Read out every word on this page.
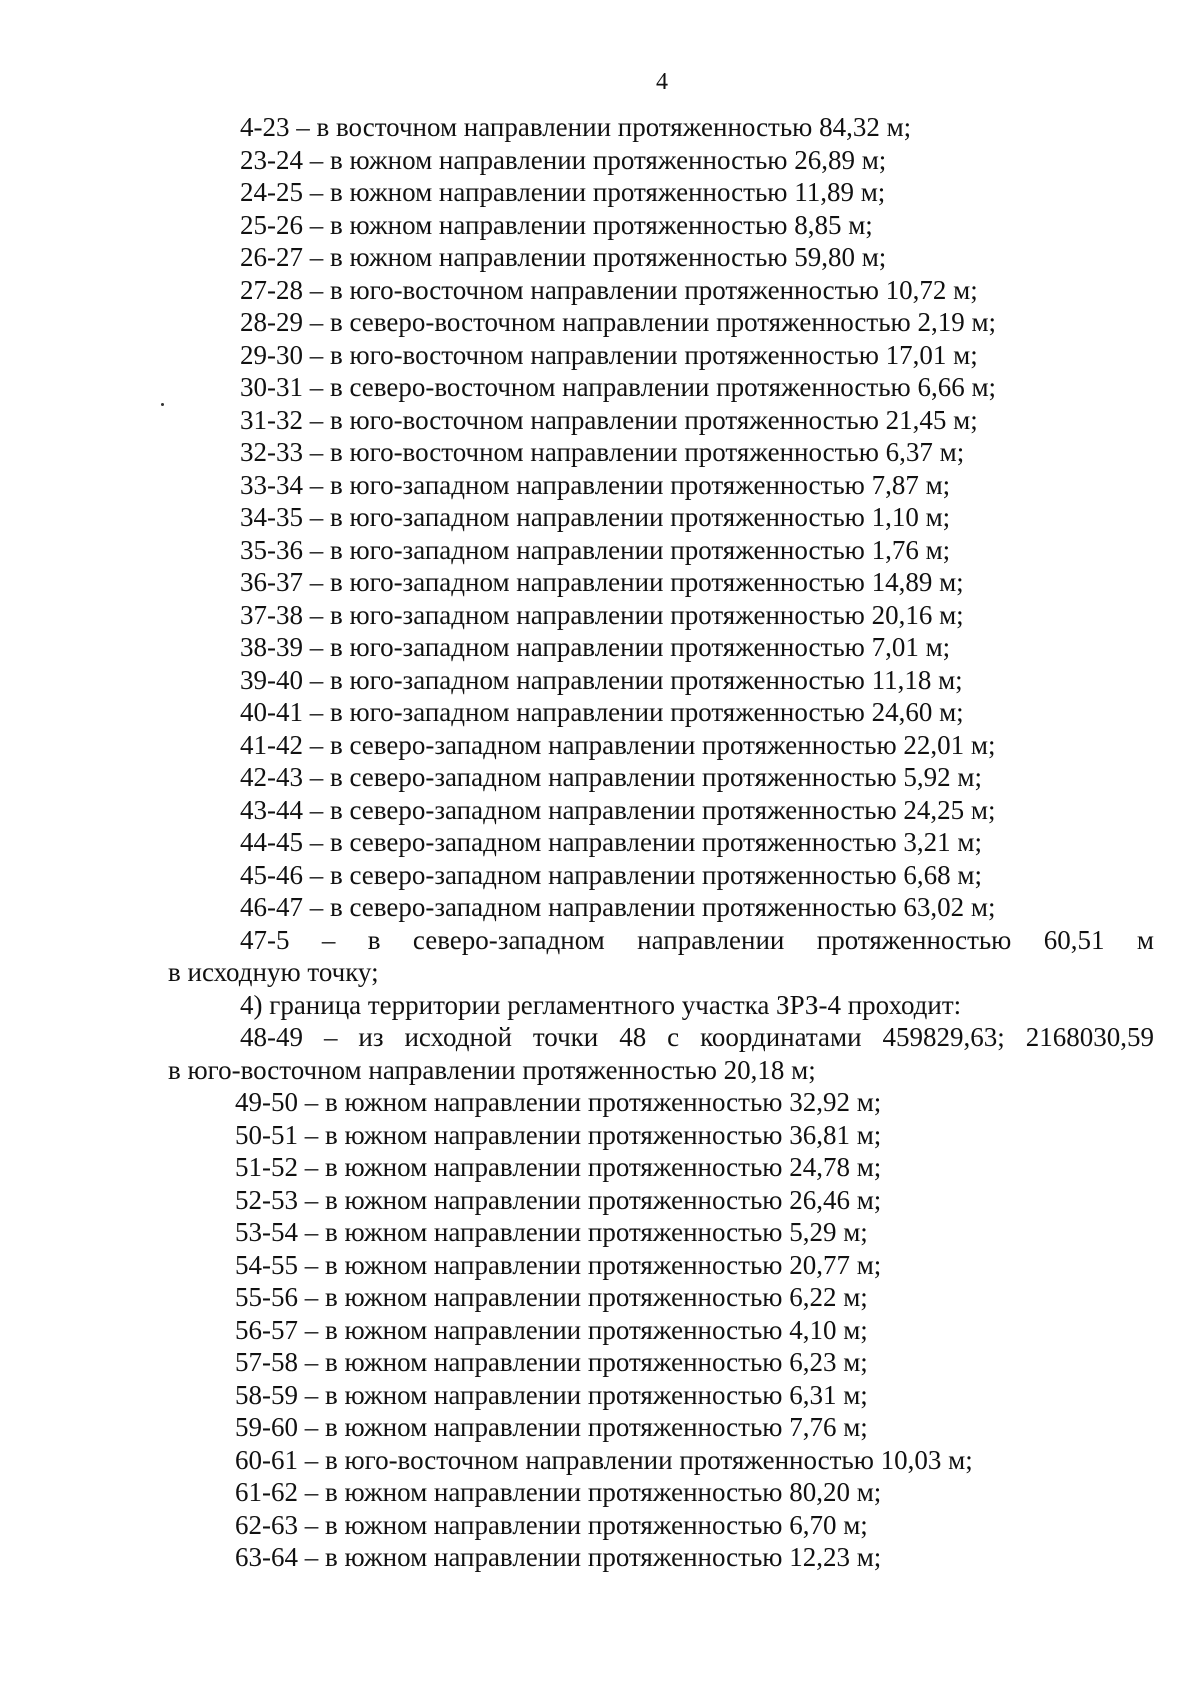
4
4-23 – в восточном направлении протяженностью 84,32 м;
23-24 – в южном направлении протяженностью 26,89 м;
24-25 – в южном направлении протяженностью 11,89 м;
25-26 – в южном направлении протяженностью 8,85 м;
26-27 – в южном направлении протяженностью 59,80 м;
27-28 – в юго-восточном направлении протяженностью 10,72 м;
28-29 – в северо-восточном направлении протяженностью 2,19 м;
29-30 – в юго-восточном направлении протяженностью 17,01 м;
30-31 – в северо-восточном направлении протяженностью 6,66 м;
31-32 – в юго-восточном направлении протяженностью 21,45 м;
32-33 – в юго-восточном направлении протяженностью 6,37 м;
33-34 – в юго-западном направлении протяженностью 7,87 м;
34-35 – в юго-западном направлении протяженностью 1,10 м;
35-36 – в юго-западном направлении протяженностью 1,76 м;
36-37 – в юго-западном направлении протяженностью 14,89 м;
37-38 – в юго-западном направлении протяженностью 20,16 м;
38-39 – в юго-западном направлении протяженностью 7,01 м;
39-40 – в юго-западном направлении протяженностью 11,18 м;
40-41 – в юго-западном направлении протяженностью 24,60 м;
41-42 – в северо-западном направлении протяженностью 22,01 м;
42-43 – в северо-западном направлении протяженностью 5,92 м;
43-44 – в северо-западном направлении протяженностью 24,25 м;
44-45 – в северо-западном направлении протяженностью 3,21 м;
45-46 – в северо-западном направлении протяженностью 6,68 м;
46-47 – в северо-западном направлении протяженностью 63,02 м;
47-5 – в северо-западном направлении протяженностью 60,51 м
в исходную точку;
4) граница территории регламентного участка ЗРЗ-4 проходит:
48-49 – из исходной точки 48 с координатами 459829,63; 2168030,59
в юго-восточном направлении протяженностью 20,18 м;
49-50 – в южном направлении протяженностью 32,92 м;
50-51 – в южном направлении протяженностью 36,81 м;
51-52 – в южном направлении протяженностью 24,78 м;
52-53 – в южном направлении протяженностью 26,46 м;
53-54 – в южном направлении протяженностью 5,29 м;
54-55 – в южном направлении протяженностью 20,77 м;
55-56 – в южном направлении протяженностью 6,22 м;
56-57 – в южном направлении протяженностью 4,10 м;
57-58 – в южном направлении протяженностью 6,23 м;
58-59 – в южном направлении протяженностью 6,31 м;
59-60 – в южном направлении протяженностью 7,76 м;
60-61 – в юго-восточном направлении протяженностью 10,03 м;
61-62 – в южном направлении протяженностью 80,20 м;
62-63 – в южном направлении протяженностью 6,70 м;
63-64 – в южном направлении протяженностью 12,23 м;
